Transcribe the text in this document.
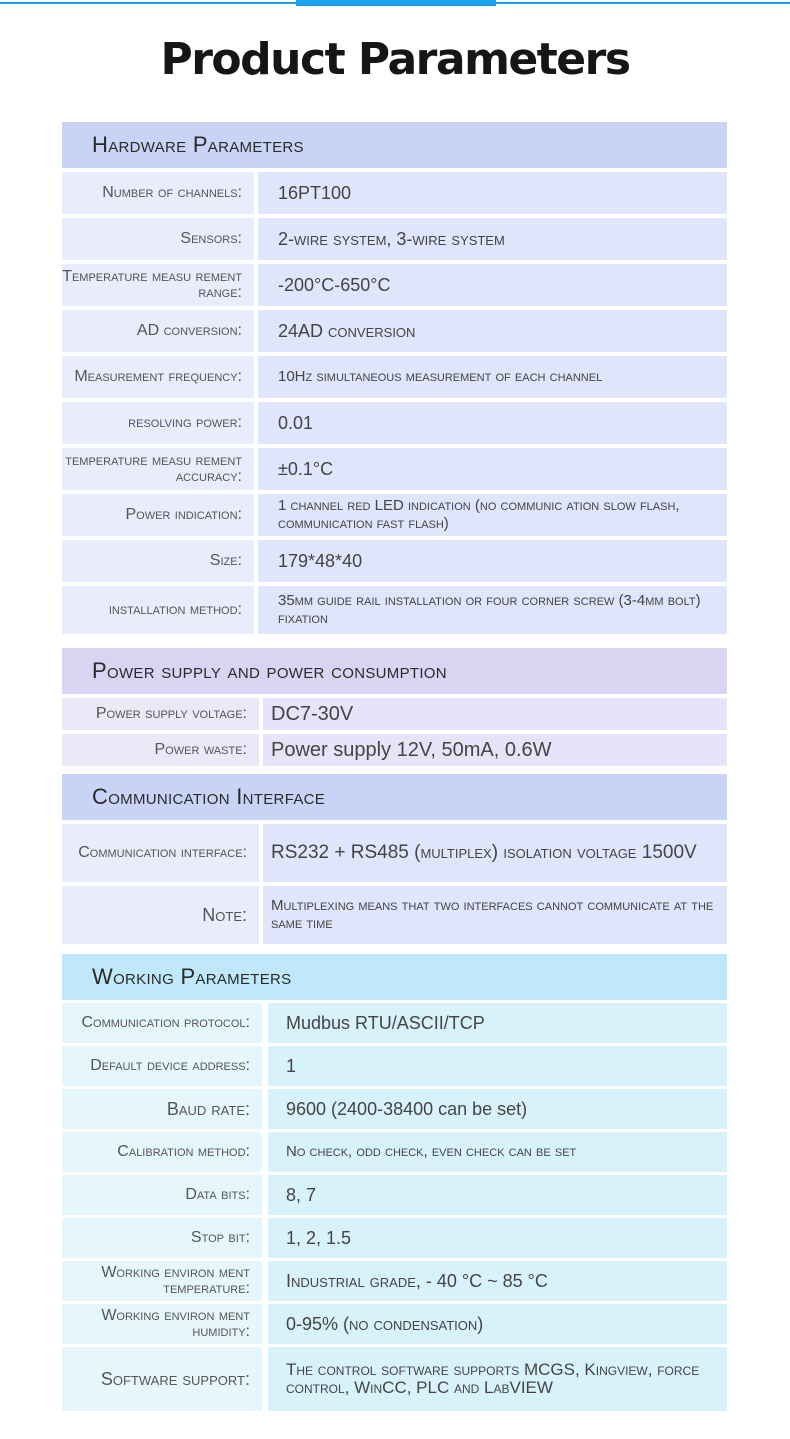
Product Parameters
Hardware Parameters
Number of channels:	16PT100
Sensors:	2-wire system, 3-wire system
Temperature measu rement range:	-200°C-650°C
AD conversion:	24AD conversion
Measurement frequency:	10Hz simultaneous measurement of each channel
resolving power:	0.01
temperature measu rement accuracy:	±0.1°C
Power indication:
1 channel red LED indication (no communic ation slow flash, communication fast flash)
Size:	179*48*40
installation method:
35mm guide rail installation or four corner screw (3-4mm bolt) fixation
Power supply and power consumption
Power supply voltage:	DC7-30V
Power waste:	Power supply 12V, 50mA, 0.6W
Communication Interface
Communication interface:	RS232 + RS485 (multiplex) isolation voltage 1500V
Note:	Multiplexing means that two interfaces cannot communicate at the same time
Working Parameters
Communication protocol:	Mudbus RTU/ASCII/TCP
Default device address:	1
Baud rate:	9600 (2400-38400 can be set)
Calibration method:	No check, odd check, even check can be set
Data bits:	8, 7
Stop bit:	1, 2, 1.5
Working environ ment temperature:	Industrial grade, - 40 °C ~ 85 °C
Working environ ment humidity:	0-95% (no condensation)
Software support:	The control software supports MCGS, Kingview, force control, WinCC, PLC and LabVIEW
